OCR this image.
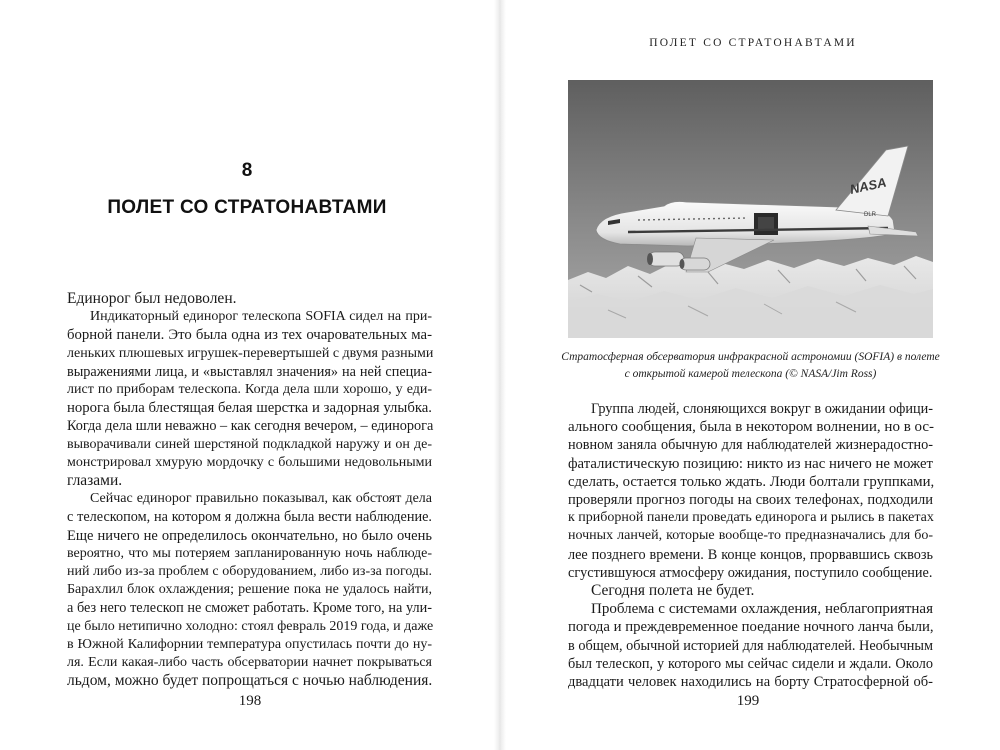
8
ПОЛЕТ СО СТРАТОНАВТАМИ
Единорог был недоволен.
Индикаторный единорог телескопа SOFIA сидел на при-
борной панели. Это была одна из тех очаровательных ма-
леньких плюшевых игрушек-перевертышей с двумя разными
выражениями лица, и «выставлял значения» на ней специа-
лист по приборам телескопа. Когда дела шли хорошо, у еди-
норога была блестящая белая шерстка и задорная улыбка.
Когда дела шли неважно – как сегодня вечером, – единорога
выворачивали синей шерстяной подкладкой наружу и он де-
монстрировал хмурую мордочку с большими недовольными
глазами.
Сейчас единорог правильно показывал, как обстоят дела
с телескопом, на котором я должна была вести наблюдение.
Еще ничего не определилось окончательно, но было очень
вероятно, что мы потеряем запланированную ночь наблюде-
ний либо из-за проблем с оборудованием, либо из-за погоды.
Барахлил блок охлаждения; решение пока не удалось найти,
а без него телескоп не сможет работать. Кроме того, на ули-
це было нетипично холодно: стоял февраль 2019 года, и даже
в Южной Калифорнии температура опустилась почти до ну-
ля. Если какая-либо часть обсерватории начнет покрываться
льдом, можно будет попрощаться с ночью наблюдения.
198
ПОЛЕТ СО СТРАТОНАВТАМИ
NASA
DLR
Стратосферная обсерватория инфракрасной астрономии (SOFIA) в полете
с открытой камерой телескопа (© NASA/Jim Ross)
Группа людей, слоняющихся вокруг в ожидании офици-
ального сообщения, была в некотором волнении, но в ос-
новном заняла обычную для наблюдателей жизнерадостно-
фаталистическую позицию: никто из нас ничего не может
сделать, остается только ждать. Люди болтали группками,
проверяли прогноз погоды на своих телефонах, подходили
к приборной панели проведать единорога и рылись в пакетах
ночных ланчей, которые вообще-то предназначались для бо-
лее позднего времени. В конце концов, прорвавшись сквозь
сгустившуюся атмосферу ожидания, поступило сообщение.
Сегодня полета не будет.
Проблема с системами охлаждения, неблагоприятная
погода и преждевременное поедание ночного ланча были,
в общем, обычной историей для наблюдателей. Необычным
был телескоп, у которого мы сейчас сидели и ждали. Около
двадцати человек находились на борту Стратосферной об-
199
